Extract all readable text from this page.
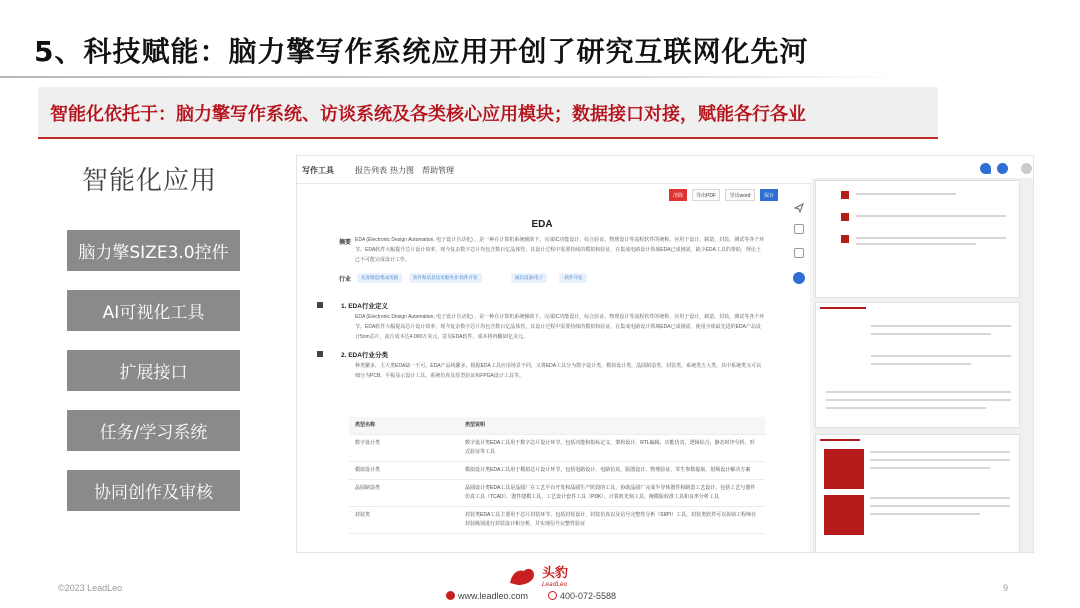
5、科技赋能：脑力擎写作系统应用开创了研究互联网化先河
智能化依托于：脑力擎写作系统、访谈系统及各类核心应用模块；数据接口对接，赋能各行各业
智能化应用
脑力擎SIZE3.0控件
AI可视化工具
扩展接口
任务/学习系统
协同创作及审核
写作工具	报告列表 热力图 帮助管理
清除	导出PDF	导出word	保存
EDA
摘要 EDA (Electronic Design Automation, 电子设计自动化) ，是一种在计算机系统辅助下，完成IC功能设计，综合验证、物理设计等流程软件的统称。应用于设计，制造，封装、测试等各个环节。EDA软件大幅提升芯片设计效率，现今复杂数字芯片均包含数百亿晶体管，其设计过程中需要持续的模拟和验证，在集成电路设计领域EDA已成刚需，缺少EDA工具的帮助，理论上已不可能完成设计工作。
行业	先进制造/集成电路	软件和信息技术服务业·软件开发	通信设备/电子	·软件开发
1. EDA行业定义
EDA (Electronic Design Automation, 电子设计自动化) ，是一种在计算机系统辅助下，完成IC功能设计，综合验证、物理设计等流程软件的统称，应用于设计，制造，封装，测试等各个环节。EDA软件大幅提高芯片设计效率，现今复杂数字芯片均包含数百亿晶体管，其设计过程中需要持续的模拟和验证，在集成电路设计领域EDA已成刚需，使用全球最先进的EDA产品设计5nm芯片，流片成本达4.000万美元，意见EDA软件，成本将再翻10亿美元。
2. EDA行业分类
种类繁多，主大类EDA缺一不可。EDA产品线繁多，根据EDA工具应用场景不同，又将EDA工具分为数字设计类、模拟设计类、晶圆制造类、封装类、系统类五大类，其中系统类又可以细分为PCB、平板显示设计工具、系统仿真及原型验证和FPGA设计工具等。
类型名称	类型说明
数字设计类	数字设计类EDA工具用于数字芯片设计环节，包括功能和指标定义，架构设计，RTL编辑、功能仿真，逻辑综合、静态时序分析、形式验证等工具
模拟设计类	模拟设计类EDA工具用于模拟芯片设计环节，包括电路设计、电路仿真、版图设计、物理验证、寄生参数提取、射频设计解决方案
晶圆制造类	晶圆设计类EDA工具是晶圆厂在工艺平台开发和晶圆生产阶段的工具，协助晶圆厂完成半导体器件和制造工艺设计，包括工艺与器件仿真工具（TCAD）、器件建模工具、工艺设计套件工具（PDK）、计算机光刻工具、掩模版校准工具和良率分析工具
封装类	封装类EDA工具主要用于芯片封装环节，包括封装设计，封装仿真以及信号完整性分析（SI/PI）工具，封装类软件可以协助工程师在封装级别进行封装设计和分析，并实现信号完整性验证
©2023 LeadLeo	9
头豹
LeadLeo
www.leadleo.com	400-072-5588
